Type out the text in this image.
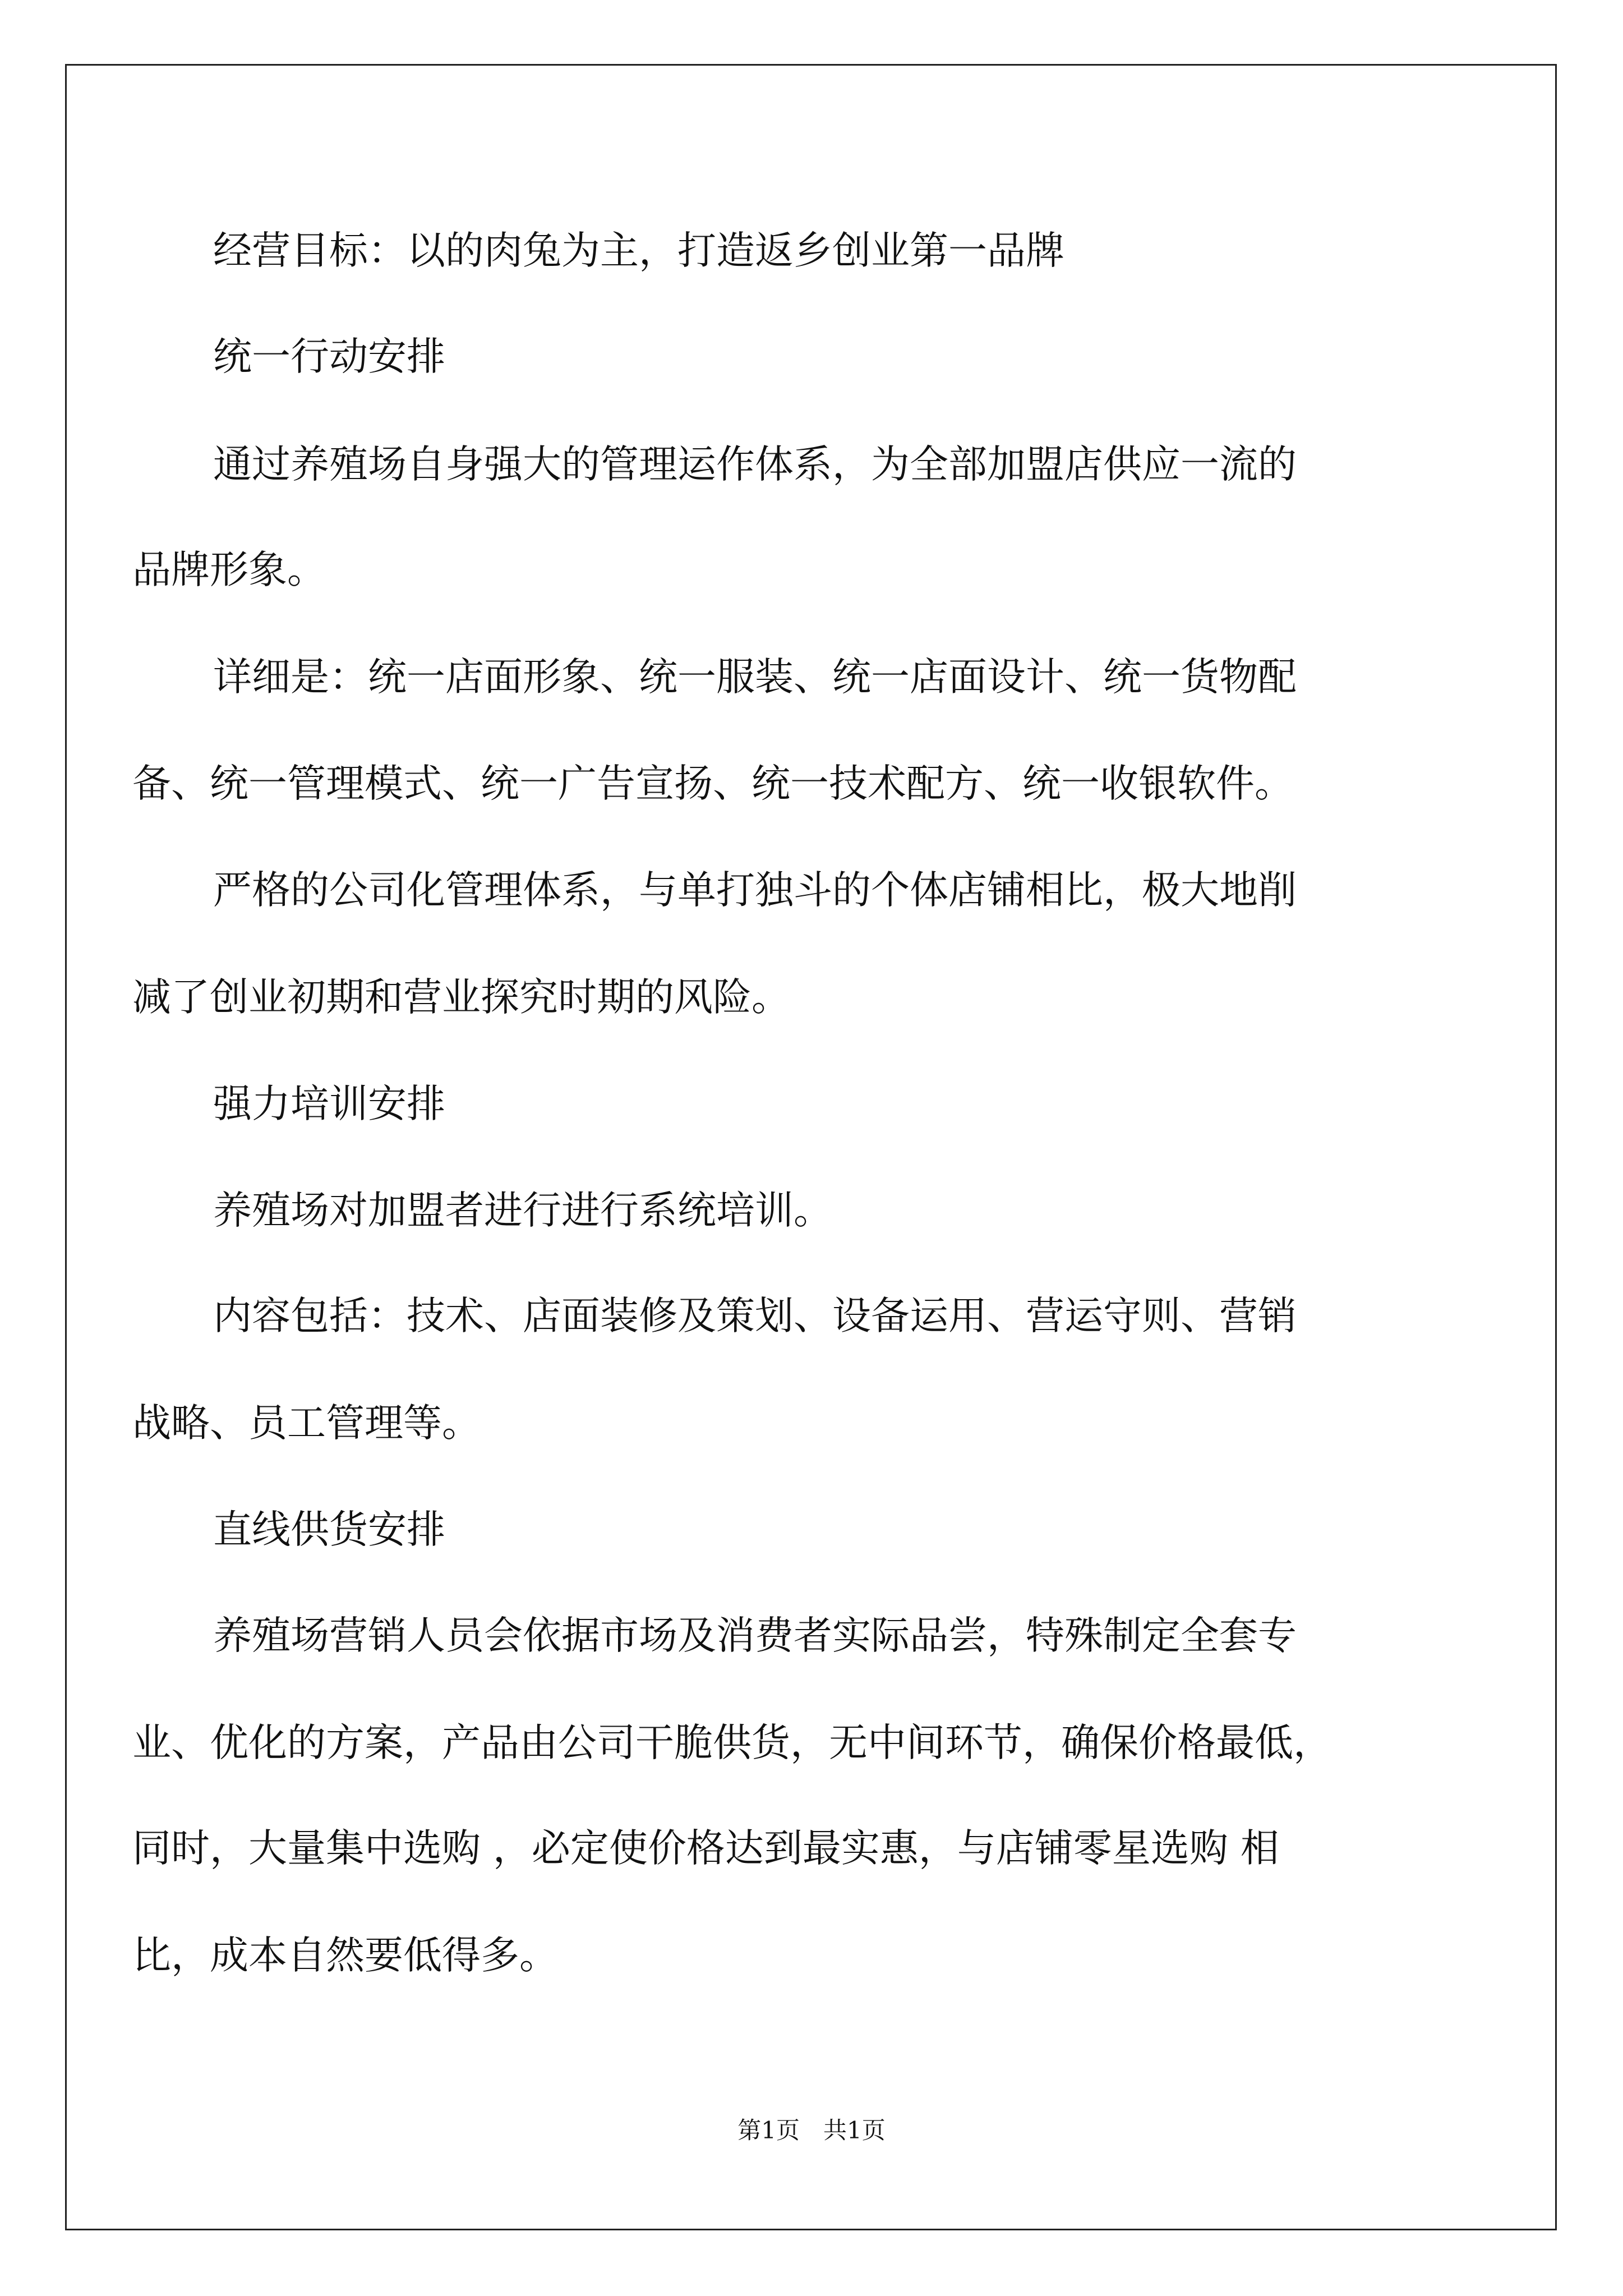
经营目标：以的肉兔为主，打造返乡创业第一品牌
统一行动安排
通过养殖场自身强大的管理运作体系，为全部加盟店供应一流的
品牌形象。
详细是：统一店面形象、统一服装、统一店面设计、统一货物配
备、统一管理模式、统一广告宣扬、统一技术配方、统一收银软件。
严格的公司化管理体系，与单打独斗的个体店铺相比，极大地削
减了创业初期和营业探究时期的风险。
强力培训安排
养殖场对加盟者进行进行系统培训。
内容包括：技术、店面装修及策划、设备运用、营运守则、营销
战略、员工管理等。
直线供货安排
养殖场营销人员会依据市场及消费者实际品尝，特殊制定全套专
业、优化的方案，产品由公司干脆供货，无中间环节，确保价格最低，
同时，大量集中选购 ，必定使价格达到最实惠，与店铺零星选购 相
比，成本自然要低得多。
第1页　共1页
